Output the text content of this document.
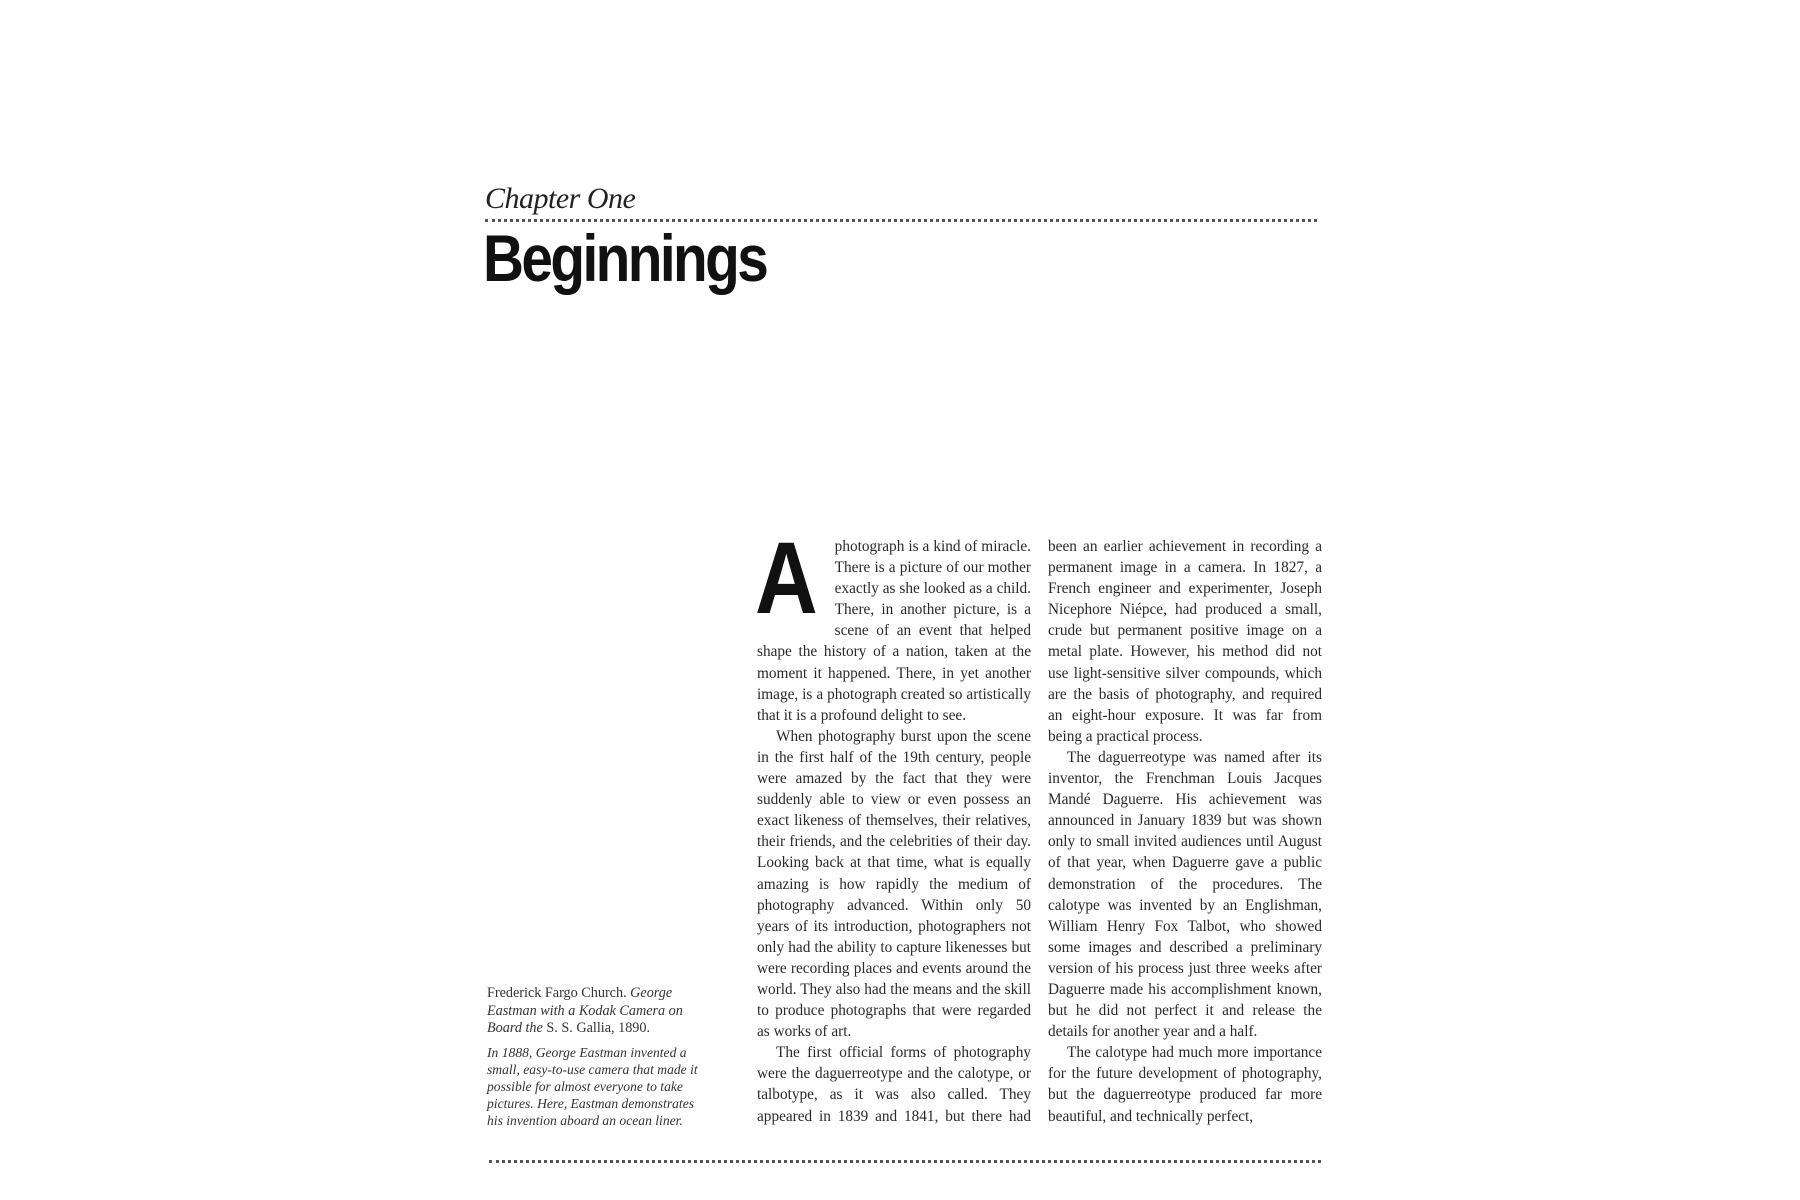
Chapter One
Beginnings

Frederick Fargo Church. George Eastman with a Kodak Camera on Board the S. S. Gallia, 1890.

In 1888, George Eastman invented a small, easy-to-use camera that made it possible for almost everyone to take pictures. Here, Eastman demonstrates his invention aboard an ocean liner.

A photograph is a kind of miracle. There is a picture of our mother exactly as she looked as a child. There, in another picture, is a scene of an event that helped shape the history of a nation, taken at the moment it happened. There, in yet another image, is a photograph created so artistically that it is a profound delight to see.

When photography burst upon the scene in the first half of the 19th century, people were amazed by the fact that they were suddenly able to view or even possess an exact likeness of themselves, their relatives, their friends, and the celebrities of their day. Looking back at that time, what is equally amazing is how rapidly the medium of photography advanced. Within only 50 years of its introduction, photographers not only had the ability to capture likenesses but were recording places and events around the world. They also had the means and the skill to produce photographs that were regarded as works of art.

The first official forms of photography were the daguerreotype and the calotype, or talbotype, as it was also called. They appeared in 1839 and 1841, but there had been an earlier achievement in recording a permanent image in a camera. In 1827, a French engineer and experimenter, Joseph Nicephore Niépce, had produced a small, crude but permanent positive image on a metal plate. However, his method did not use light-sensitive silver compounds, which are the basis of photography, and required an eight-hour exposure. It was far from being a practical process.

The daguerreotype was named after its inventor, the Frenchman Louis Jacques Mandé Daguerre. His achievement was announced in January 1839 but was shown only to small invited audiences until August of that year, when Daguerre gave a public demonstration of the procedures. The calotype was invented by an Englishman, William Henry Fox Talbot, who showed some images and described a preliminary version of his process just three weeks after Daguerre made his accomplishment known, but he did not perfect it and release the details for another year and a half.

The calotype had much more importance for the future development of photography, but the daguerreotype produced far more beautiful, and technically perfect,
